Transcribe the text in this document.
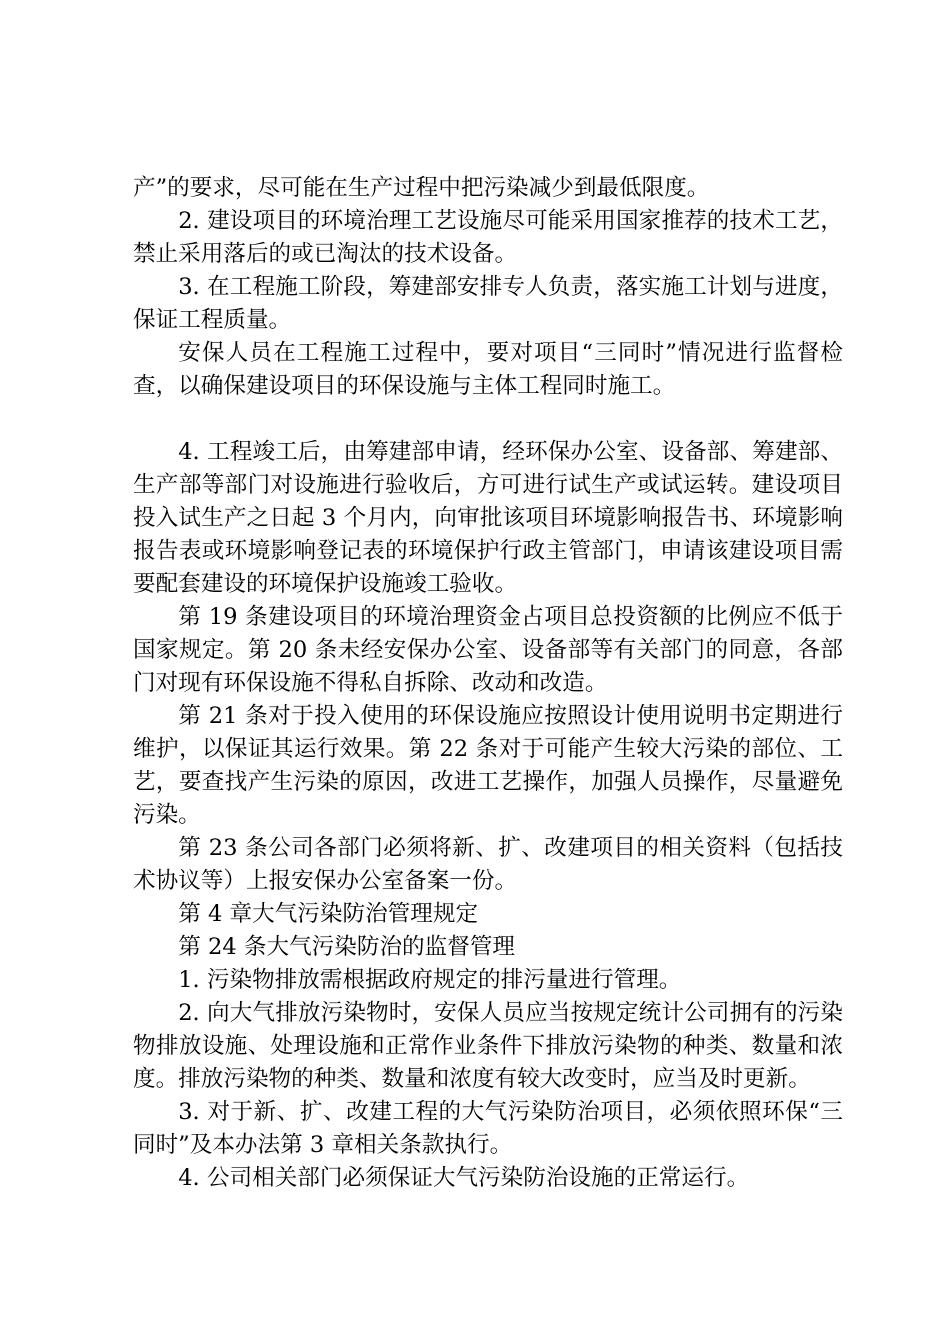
产”的要求，尽可能在生产过程中把污染减少到最低限度。

2. 建设项目的环境治理工艺设施尽可能采用国家推荐的技术工艺，禁止采用落后的或已淘汰的技术设备。

3. 在工程施工阶段，筹建部安排专人负责，落实施工计划与进度，保证工程质量。

安保人员在工程施工过程中，要对项目“三同时”情况进行监督检查，以确保建设项目的环保设施与主体工程同时施工。

4. 工程竣工后，由筹建部申请，经环保办公室、设备部、筹建部、生产部等部门对设施进行验收后，方可进行试生产或试运转。建设项目投入试生产之日起 3 个月内，向审批该项目环境影响报告书、环境影响报告表或环境影响登记表的环境保护行政主管部门，申请该建设项目需要配套建设的环境保护设施竣工验收。

第 19 条建设项目的环境治理资金占项目总投资额的比例应不低于国家规定。第 20 条未经安保办公室、设备部等有关部门的同意，各部门对现有环保设施不得私自拆除、改动和改造。

第 21 条对于投入使用的环保设施应按照设计使用说明书定期进行维护，以保证其运行效果。第 22 条对于可能产生较大污染的部位、工艺，要查找产生污染的原因，改进工艺操作，加强人员操作，尽量避免污染。

第 23 条公司各部门必须将新、扩、改建项目的相关资料（包括技术协议等）上报安保办公室备案一份。

第 4 章大气污染防治管理规定

第 24 条大气污染防治的监督管理

1. 污染物排放需根据政府规定的排污量进行管理。

2. 向大气排放污染物时，安保人员应当按规定统计公司拥有的污染物排放设施、处理设施和正常作业条件下排放污染物的种类、数量和浓度。排放污染物的种类、数量和浓度有较大改变时，应当及时更新。

3. 对于新、扩、改建工程的大气污染防治项目，必须依照环保“三同时”及本办法第 3 章相关条款执行。

4. 公司相关部门必须保证大气污染防治设施的正常运行。
